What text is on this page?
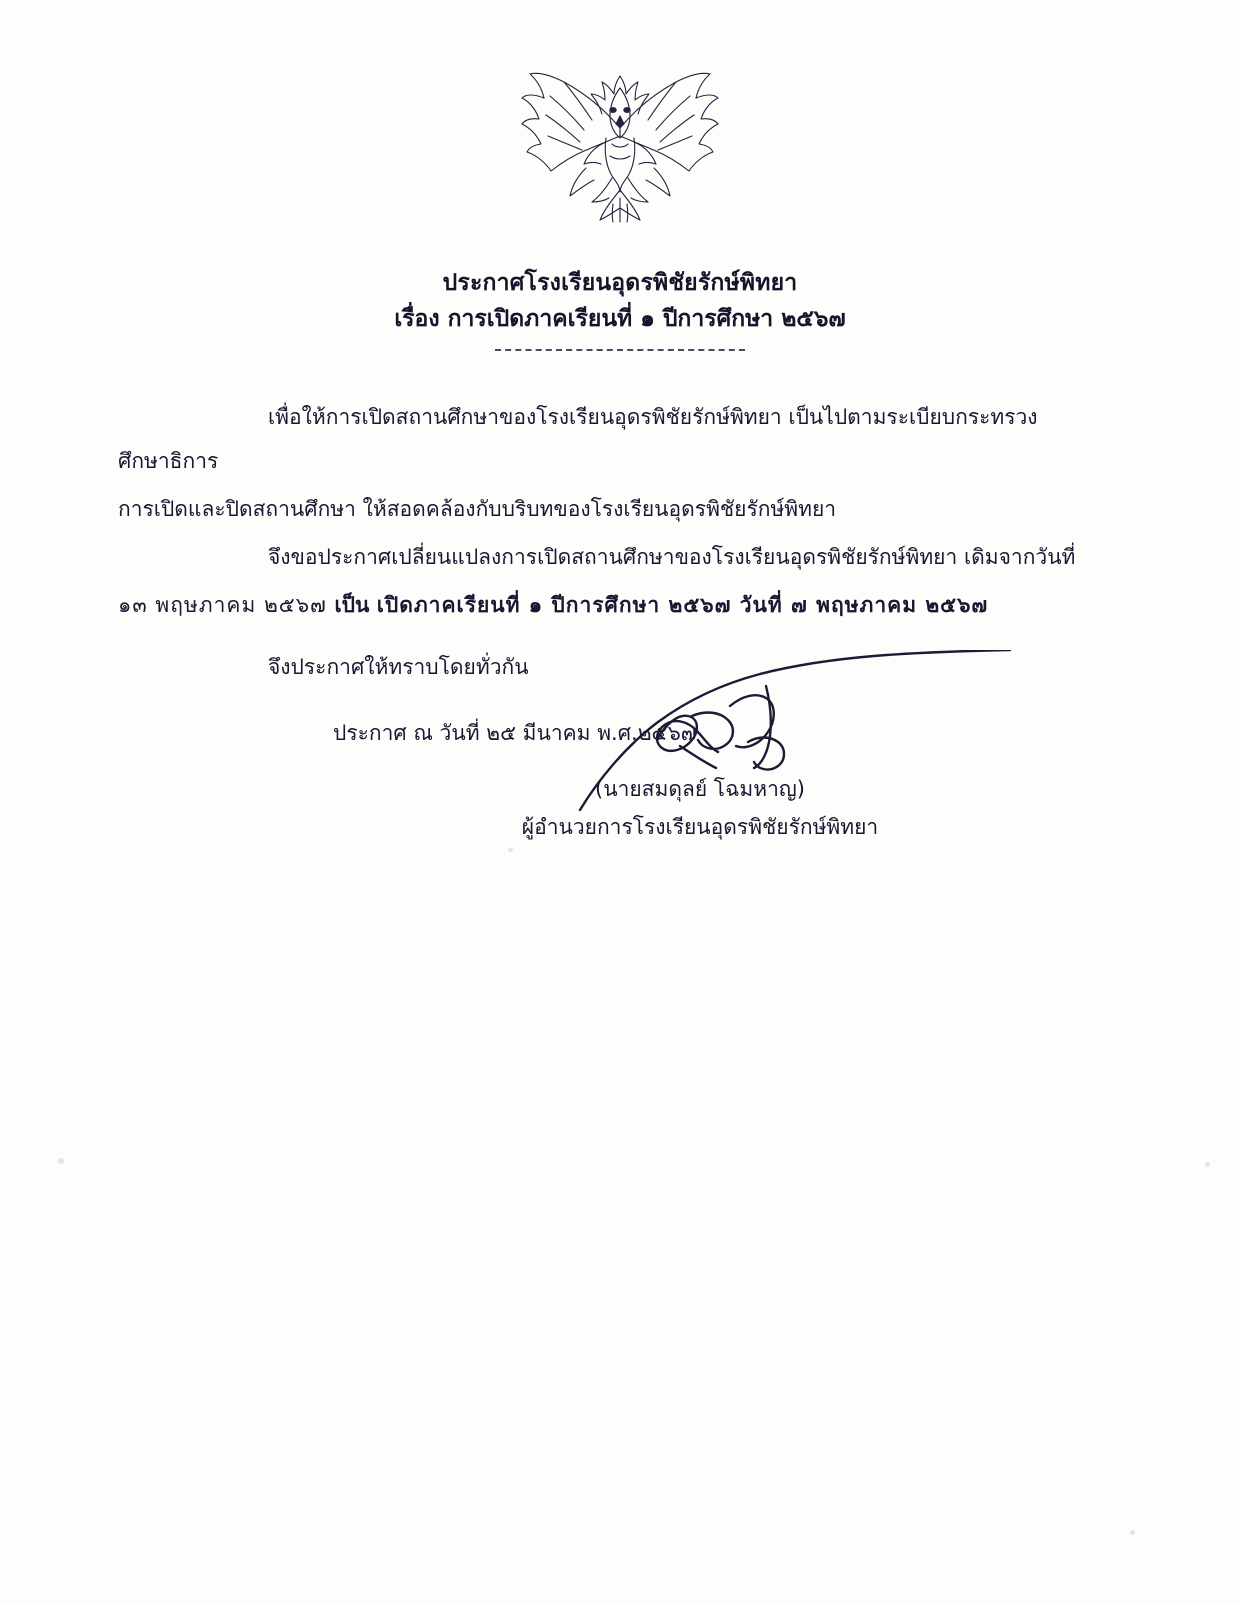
ประกาศโรงเรียนอุดรพิชัยรักษ์พิทยา
เรื่อง การเปิดภาคเรียนที่ ๑ ปีการศึกษา ๒๕๖๗
เพื่อให้การเปิดสถานศึกษาของโรงเรียนอุดรพิชัยรักษ์พิทยา เป็นไปตามระเบียบกระทรวงศึกษาธิการ
การเปิดและปิดสถานศึกษา ให้สอดคล้องกับบริบทของโรงเรียนอุดรพิชัยรักษ์พิทยา
จึงขอประกาศเปลี่ยนแปลงการเปิดสถานศึกษาของโรงเรียนอุดรพิชัยรักษ์พิทยา เดิมจากวันที่
๑๓ พฤษภาคม ๒๕๖๗ เป็น เปิดภาคเรียนที่ ๑ ปีการศึกษา ๒๕๖๗ วันที่ ๗ พฤษภาคม ๒๕๖๗
จึงประกาศให้ทราบโดยทั่วกัน
ประกาศ ณ วันที่ ๒๕ มีนาคม พ.ศ.๒๕๖๗
(นายสมดุลย์ โฉมหาญ)
ผู้อำนวยการโรงเรียนอุดรพิชัยรักษ์พิทยา
